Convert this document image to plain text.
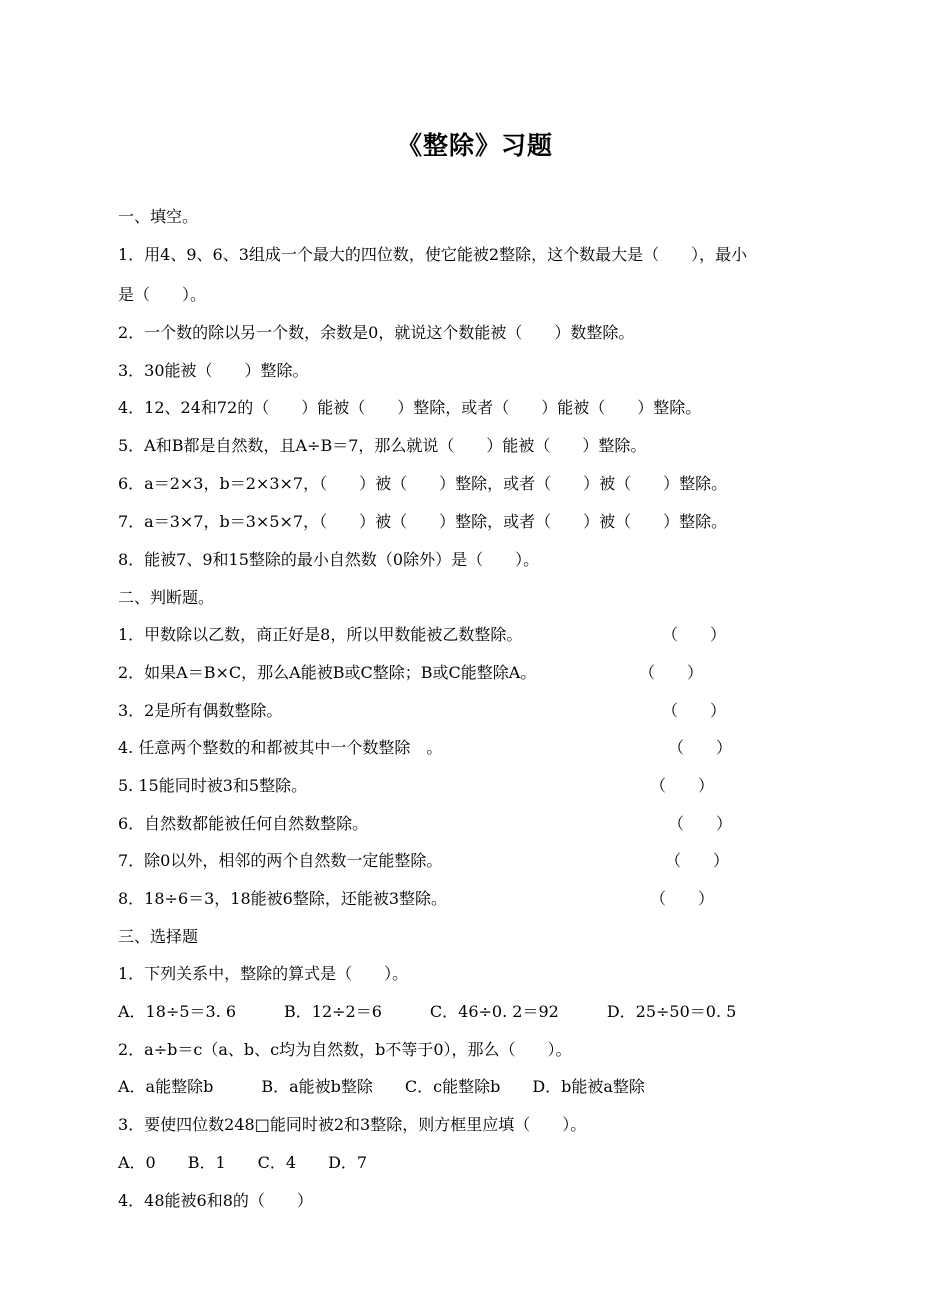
《整除》习题
一、填空。
1．用4、9、6、3组成一个最大的四位数，使它能被2整除，这个数最大是（　　），最小
是（　　）。
2．一个数的除以另一个数，余数是0，就说这个数能被（　　）数整除。
3．30能被（　　）整除。
4．12、24和72的（　　）能被（　　）整除，或者（　　）能被（　　）整除。
5．A和B都是自然数，且A÷B＝7，那么就说（　　）能被（　　）整除。
6．a＝2×3，b＝2×3×7，（　　）被（　　）整除，或者（　　）被（　　）整除。
7．a＝3×7，b＝3×5×7，（　　）被（　　）整除，或者（　　）被（　　）整除。
8．能被7、9和15整除的最小自然数（0除外）是（　　）。
二、判断题。
1．甲数除以乙数，商正好是8，所以甲数能被乙数整除。	（　　）
2．如果A＝B×C，那么A能被B或C整除；B或C能整除A。	（　　）
3．2是所有偶数整除。	（　　）
4. 任意两个整数的和都被其中一个数整除　。	（　　）
5. 15能同时被3和5整除。	（　　）
6．自然数都能被任何自然数整除。	（　　）
7．除0以外，相邻的两个自然数一定能整除。	（　　）
8．18÷6＝3，18能被6整除，还能被3整除。	（　　）
三、选择题
1．下列关系中，整除的算式是（　　）。
A．18÷5＝3. 6　　　B．12÷2＝6　　　C．46÷0. 2＝92　　　D．25÷50＝0. 5
2．a÷b＝c（a、b、c均为自然数，b不等于0），那么（　　）。
A．a能整除b　　　B．a能被b整除　　C．c能整除b　　D．b能被a整除
3．要使四位数248□能同时被2和3整除，则方框里应填（　　）。
A．0　　B．1　　C．4　　D．7
4．48能被6和8的（　　）
